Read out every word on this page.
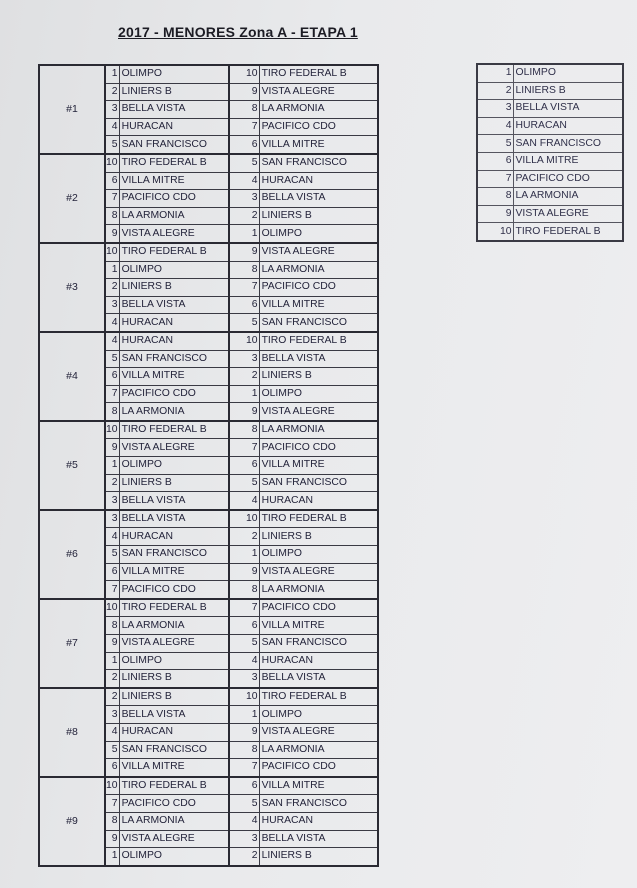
2017 - MENORES Zona A - ETAPA 1
#1	1	OLIMPO	10	TIRO FEDERAL B
	2	LINIERS B	9	VISTA ALEGRE
	3	BELLA VISTA	8	LA ARMONIA
	4	HURACAN	7	PACIFICO CDO
	5	SAN FRANCISCO	6	VILLA MITRE
#2	10	TIRO FEDERAL B	5	SAN FRANCISCO
	6	VILLA MITRE	4	HURACAN
	7	PACIFICO CDO	3	BELLA VISTA
	8	LA ARMONIA	2	LINIERS B
	9	VISTA ALEGRE	1	OLIMPO
#3	10	TIRO FEDERAL B	9	VISTA ALEGRE
	1	OLIMPO	8	LA ARMONIA
	2	LINIERS B	7	PACIFICO CDO
	3	BELLA VISTA	6	VILLA MITRE
	4	HURACAN	5	SAN FRANCISCO
#4	4	HURACAN	10	TIRO FEDERAL B
	5	SAN FRANCISCO	3	BELLA VISTA
	6	VILLA MITRE	2	LINIERS B
	7	PACIFICO CDO	1	OLIMPO
	8	LA ARMONIA	9	VISTA ALEGRE
#5	10	TIRO FEDERAL B	8	LA ARMONIA
	9	VISTA ALEGRE	7	PACIFICO CDO
	1	OLIMPO	6	VILLA MITRE
	2	LINIERS B	5	SAN FRANCISCO
	3	BELLA VISTA	4	HURACAN
#6	3	BELLA VISTA	10	TIRO FEDERAL B
	4	HURACAN	2	LINIERS B
	5	SAN FRANCISCO	1	OLIMPO
	6	VILLA MITRE	9	VISTA ALEGRE
	7	PACIFICO CDO	8	LA ARMONIA
#7	10	TIRO FEDERAL B	7	PACIFICO CDO
	8	LA ARMONIA	6	VILLA MITRE
	9	VISTA ALEGRE	5	SAN FRANCISCO
	1	OLIMPO	4	HURACAN
	2	LINIERS B	3	BELLA VISTA
#8	2	LINIERS B	10	TIRO FEDERAL B
	3	BELLA VISTA	1	OLIMPO
	4	HURACAN	9	VISTA ALEGRE
	5	SAN FRANCISCO	8	LA ARMONIA
	6	VILLA MITRE	7	PACIFICO CDO
#9	10	TIRO FEDERAL B	6	VILLA MITRE
	7	PACIFICO CDO	5	SAN FRANCISCO
	8	LA ARMONIA	4	HURACAN
	9	VISTA ALEGRE	3	BELLA VISTA
	1	OLIMPO	2	LINIERS B
1	OLIMPO
2	LINIERS B
3	BELLA VISTA
4	HURACAN
5	SAN FRANCISCO
6	VILLA MITRE
7	PACIFICO CDO
8	LA ARMONIA
9	VISTA ALEGRE
10	TIRO FEDERAL B
